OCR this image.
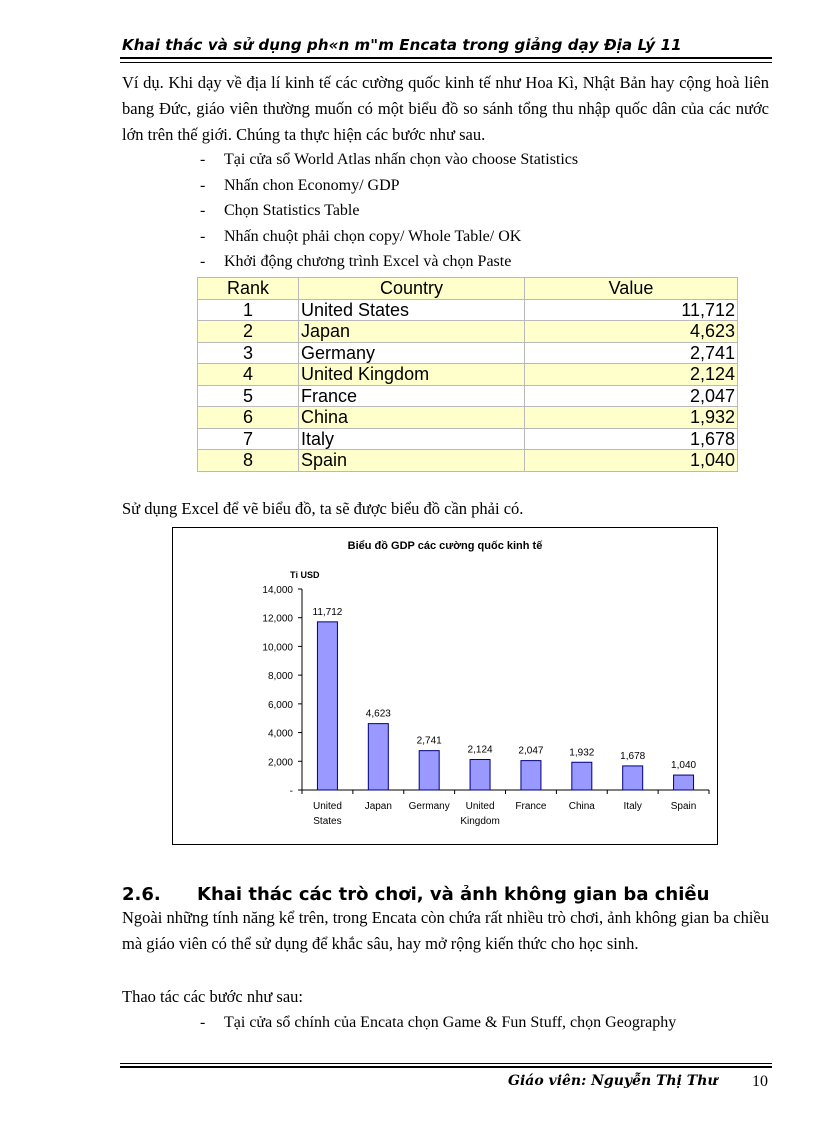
Khai thác và sử dụng ph«n m"m Encata trong giảng dạy Địa Lý 11
Ví dụ. Khi dạy về địa lí kinh tế các cường quốc kinh tế như Hoa Kì, Nhật Bản hay cộng hoà liên bang Đức, giáo viên thường muốn có một biểu đồ so sánh tổng thu nhập quốc dân của các nước lớn trên thế giới. Chúng ta thực hiện các bước như sau.
- Tại cửa sổ World Atlas nhấn chọn vào choose Statistics
- Nhấn chon Economy/ GDP
- Chọn Statistics Table
- Nhấn chuột phải chọn copy/ Whole Table/ OK
- Khởi động chương trình Excel và chọn Paste
Rank	Country	Value
1	United States	11,712
2	Japan	4,623
3	Germany	2,741
4	United Kingdom	2,124
5	France	2,047
6	China	1,932
7	Italy	1,678
8	Spain	1,040
Sử dụng Excel để vẽ biểu đồ, ta sẽ được biểu đồ cần phải có.
Biểu đồ GDP các cường quốc kinh tế
Tỉ USD
-
2,000
4,000
6,000
8,000
10,000
12,000
14,000
11,712
United
States
4,623
Japan
2,741
Germany
2,124
United
Kingdom
2,047
France
1,932
China
1,678
Italy
1,040
Spain
2.6. Khai thác các trò chơi, và ảnh không gian ba chiều
Ngoài những tính năng kể trên, trong Encata còn chứa rất nhiều trò chơi, ảnh không gian ba chiều mà giáo viên có thể sử dụng để khắc sâu, hay mở rộng kiến thức cho học sinh.
Thao tác các bước như sau:
- Tại cửa sổ chính của Encata chọn Game & Fun Stuff, chọn Geography
Giáo viên: Nguyễn Thị Thư 10
